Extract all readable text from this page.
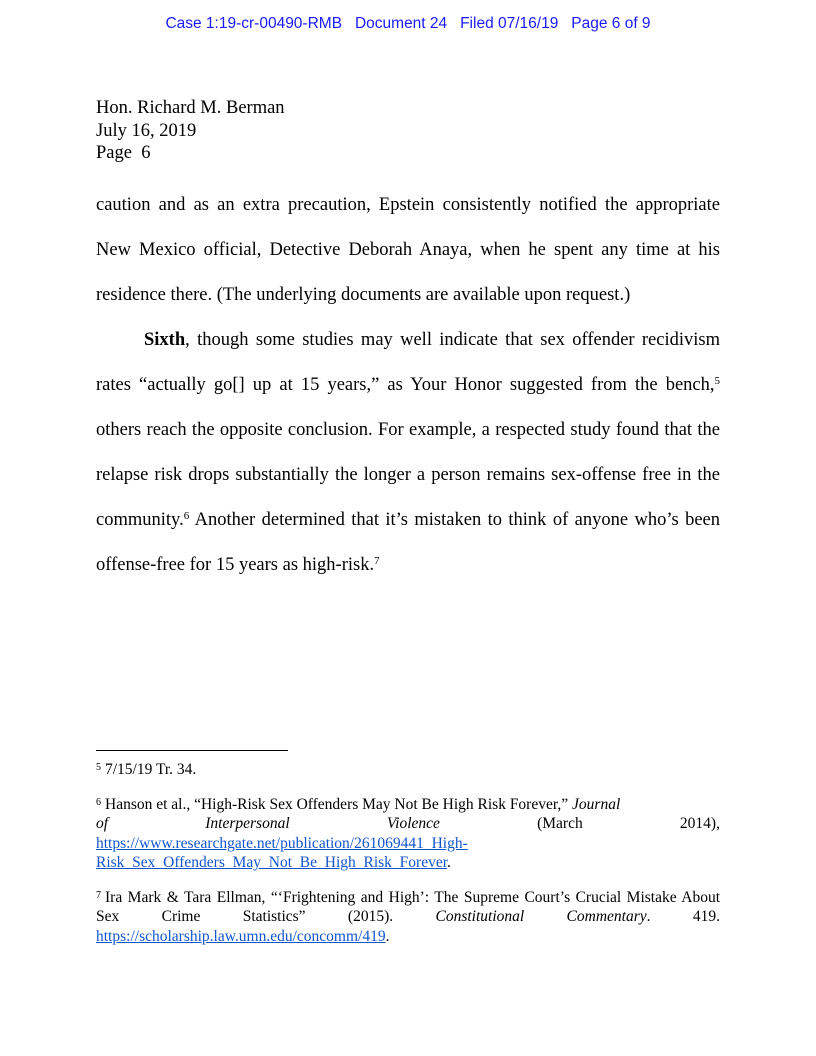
Case 1:19-cr-00490-RMB Document 24 Filed 07/16/19 Page 6 of 9
Hon. Richard M. Berman
July 16, 2019
Page  6

caution and as an extra precaution, Epstein consistently notified the appropriate New Mexico official, Detective Deborah Anaya, when he spent any time at his residence there. (The underlying documents are available upon request.)

Sixth, though some studies may well indicate that sex offender recidivism rates “actually go[] up at 15 years,” as Your Honor suggested from the bench,$^5$ others reach the opposite conclusion. For example, a respected study found that the relapse risk drops substantially the longer a person remains sex-offense free in the community.$^6$ Another determined that it’s mistaken to think of anyone who’s been offense-free for 15 years as high-risk.$^7$

$^5$ 7/15/19 Tr. 34.
$^6$ Hanson et al., “High-Risk Sex Offenders May Not Be High Risk Forever,” Journal
of	Interpersonal	Violence	(March	2014),
https://www.researchgate.net/publication/261069441_High-
Risk_Sex_Offenders_May_Not_Be_High_Risk_Forever.
$^7$ Ira Mark & Tara Ellman, “‘Frightening and High’: The Supreme Court’s Crucial Mistake About Sex Crime Statistics” (2015).	Constitutional Commentary. 419. https://scholarship.law.umn.edu/concomm/419.
